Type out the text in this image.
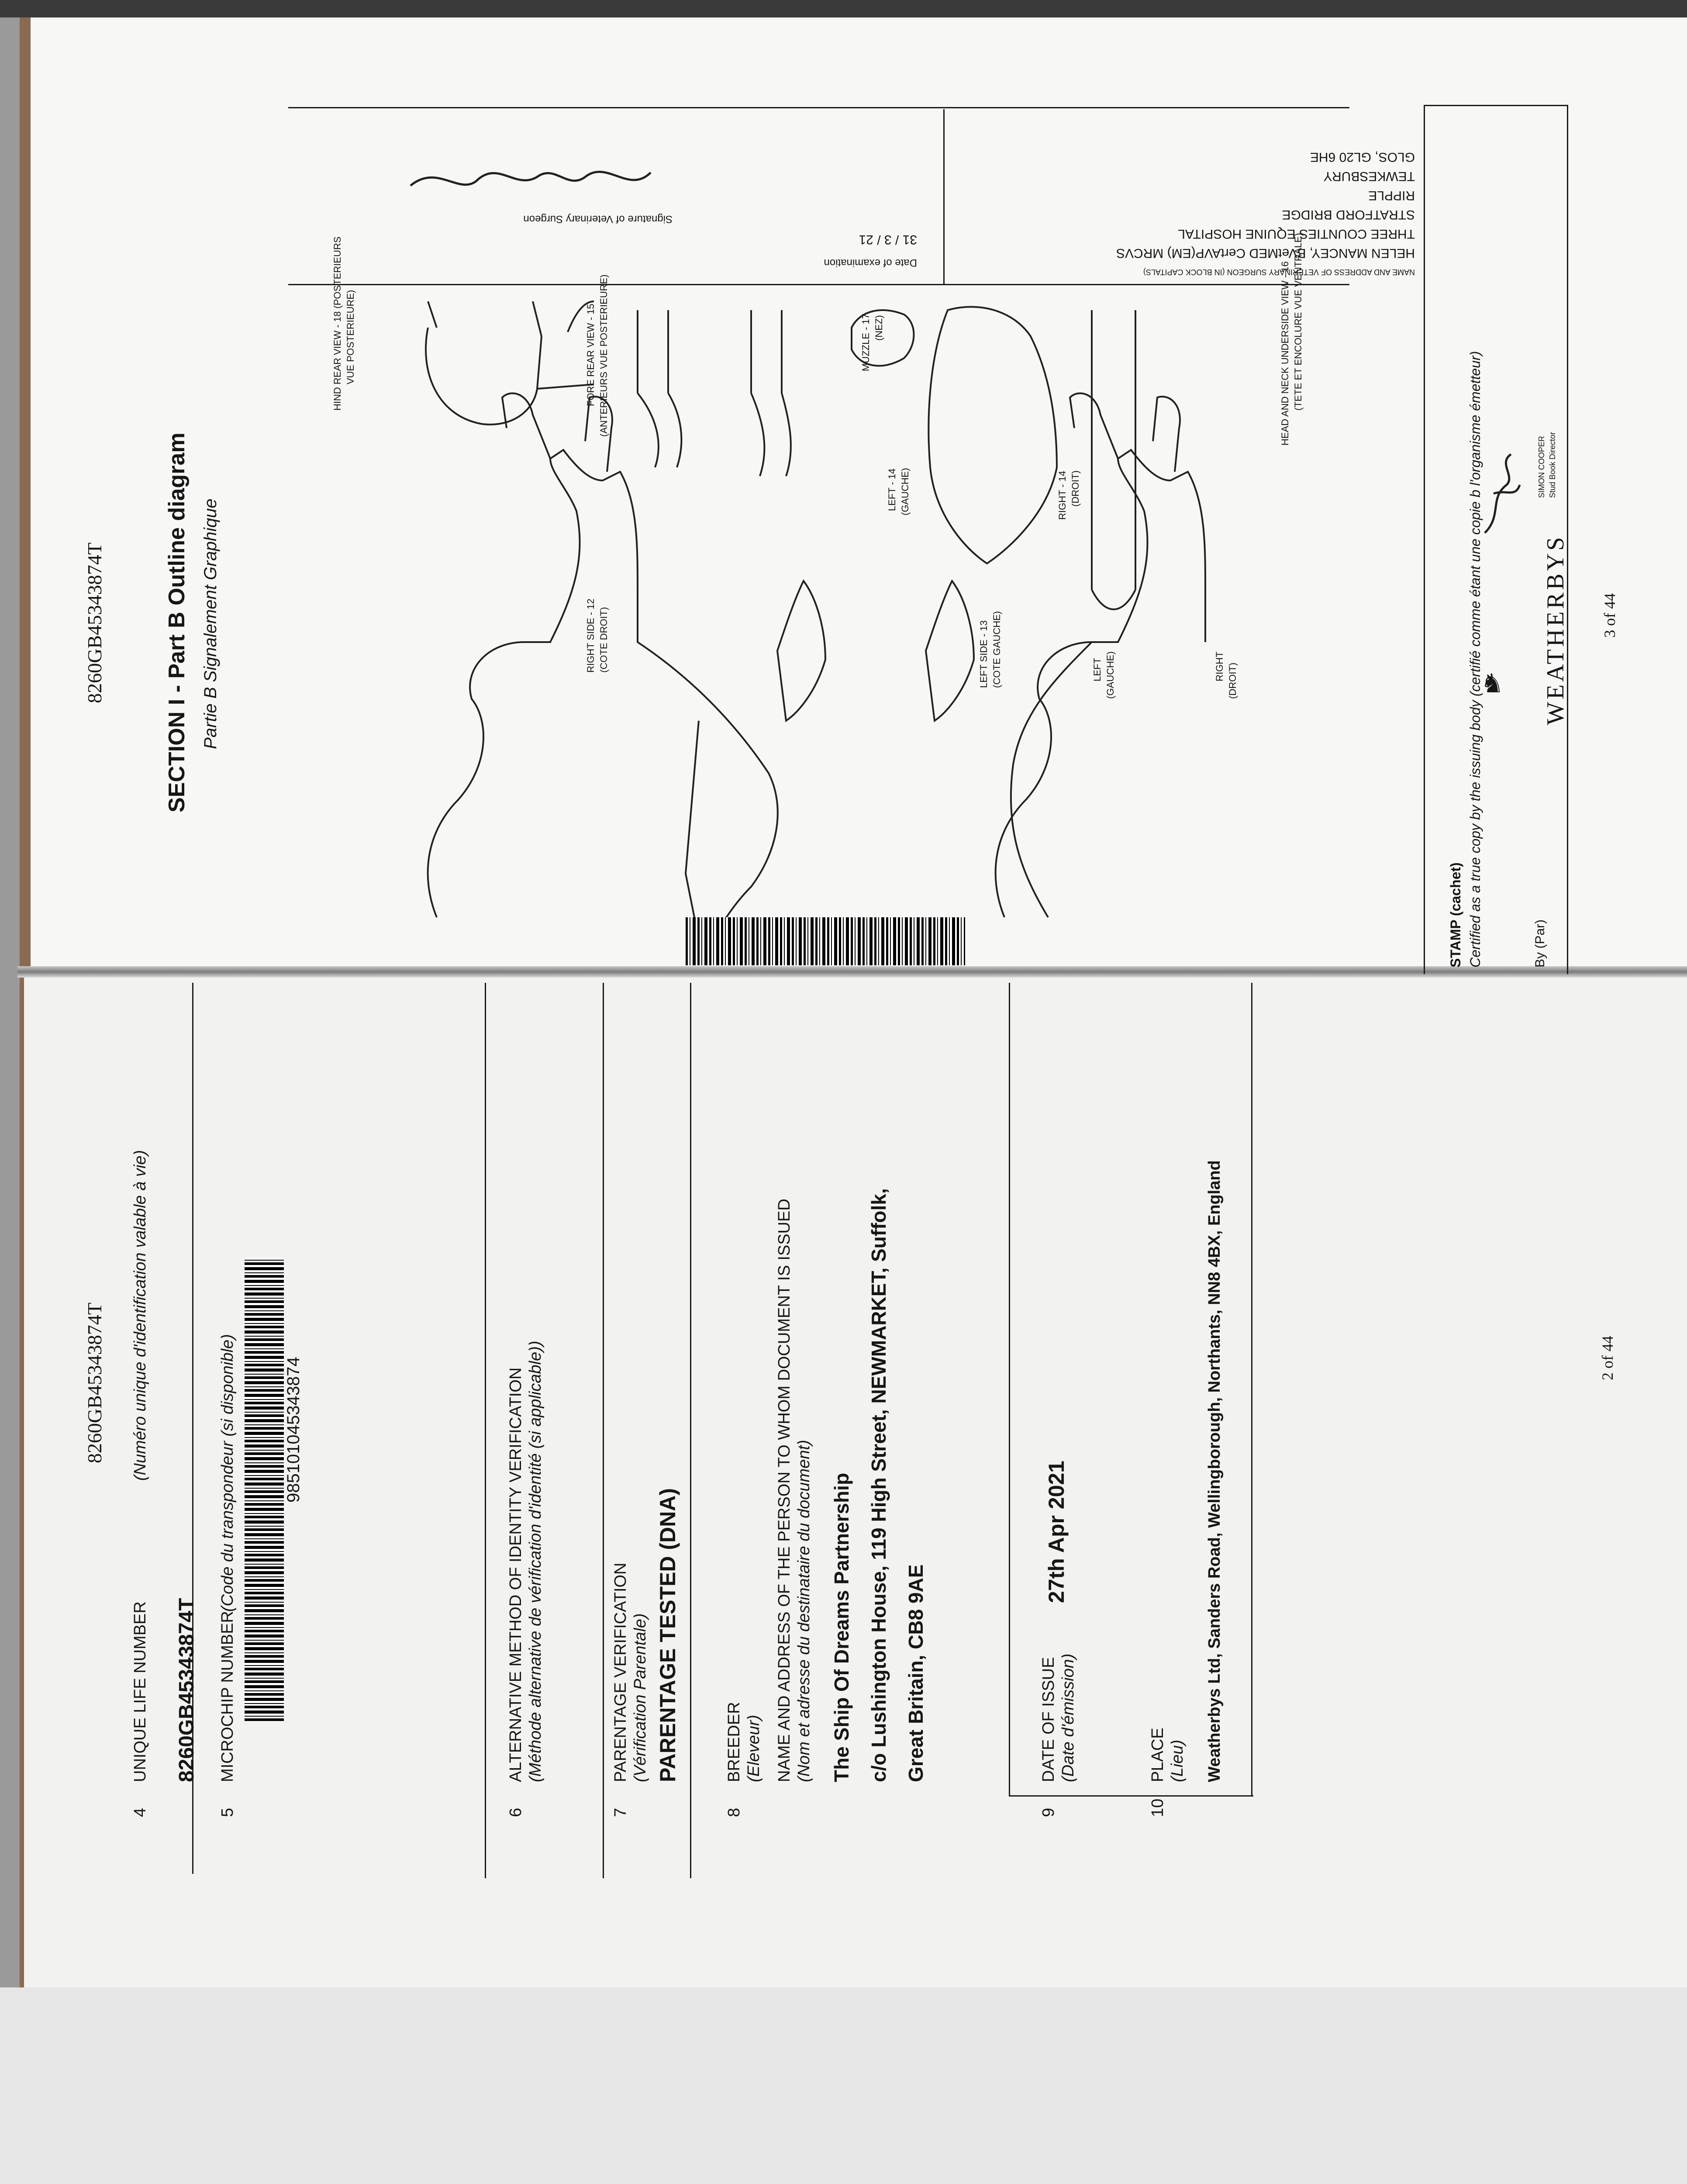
8260GB45343874T	SECTION I - Part B Outline diagram Partie B Signalement Graphique	RIGHT SIDE - 12 (COTE DROIT)	LEFT SIDE - 13 (COTE GAUCHE)
RIGHT - 14 (DROIT)
LEFT - 14 (GAUCHE)
LEFT (GAUCHE)	RIGHT (DROIT)
HIND REAR VIEW - 18 (POSTERIEURS VUE POSTERIEURE)	FORE REAR VIEW - 15 (ANTERIEURS VUE POSTERIEURE)	MUZZLE - 17 (NEZ)	HEAD AND NECK UNDERSIDE VIEW - 16 (TETE ET ENCOLURE VUE VENTRALE)
NAME AND ADDRESS OF VETERINARY SURGEON (IN BLOCK CAPITALS)
HELEN MANCEY, BVetMED CertAVP(EM) MRCVS
THREE COUNTIES EQUINE HOSPITAL
STRATFORD BRIDGE
RIPPLE
TEWKESBURY
GLOS, GL20 6HE
Date of examination
31 / 3 / 21
Signature of Veterinary Surgeon
STAMP (cachet) Certified as a true copy by the issuing body (certifié comme étant une copie b l'organisme émetteur)	By (Par)
WEATHERBYS
♞
SIMON COOPER Stud Book Director
3 of 44
8260GB45343874T
4
UNIQUE LIFE NUMBER
(Numéro unique d'identification valable à vie)
8260GB45343874T
5
MICROCHIP NUMBER
(Code du transpondeur (si disponible)	985101045343874
6
ALTERNATIVE METHOD OF IDENTITY VERIFICATION (Méthode alternative de vérification d'identité (si applicable))
7
PARENTAGE VERIFICATION (Vérification Parentale) PARENTAGE TESTED (DNA)
8
BREEDER (Eleveur) NAME AND ADDRESS OF THE PERSON TO WHOM DOCUMENT IS ISSUED (Nom et adresse du destinataire du document) The Ship Of Dreams Partnership c/o Lushington House, 119 High Street, NEWMARKET, Suffolk, Great Britain, CB8 9AE
9
DATE OF ISSUE (Date d'émission)
27th Apr 2021
10
PLACE (Lieu) Weatherbys Ltd, Sanders Road, Wellingborough, Northants, NN8 4BX, England	2 of 44
